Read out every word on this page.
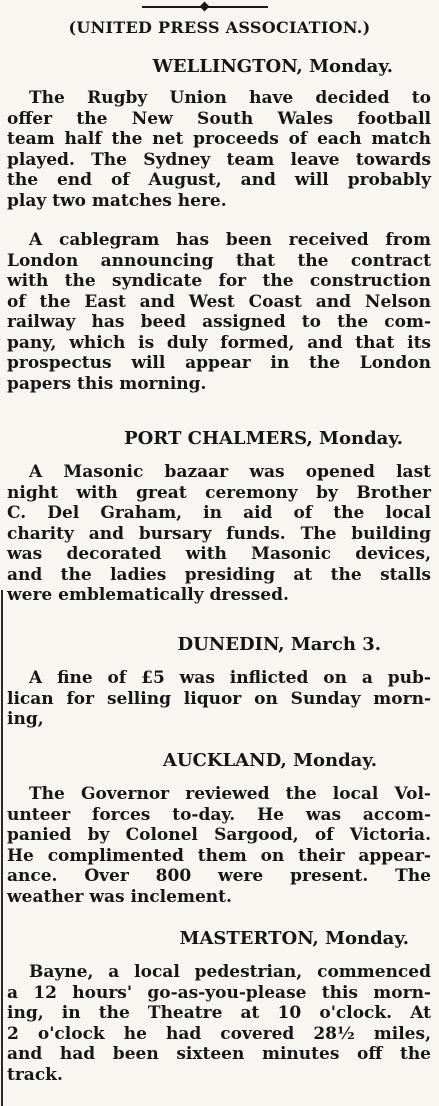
(UNITED PRESS ASSOCIATION.)
WELLINGTON, Monday.
The Rugby Union have decided to
offer the New South Wales football
team half the net proceeds of each match
played. The Sydney team leave towards
the end of August, and will probably
play two matches here.
A cablegram has been received from
London announcing that the contract
with the syndicate for the construction
of the East and West Coast and Nelson
railway has beed assigned to the com-
pany, which is duly formed, and that its
prospectus will appear in the London
papers this morning.
PORT CHALMERS, Monday.
A Masonic bazaar was opened last
night with great ceremony by Brother
C. Del Graham, in aid of the local
charity and bursary funds. The building
was decorated with Masonic devices,
and the ladies presiding at the stalls
were emblematically dressed.
DUNEDIN, March 3.
A fine of £5 was inflicted on a pub-
lican for selling liquor on Sunday morn-
ing,
AUCKLAND, Monday.
The Governor reviewed the local Vol-
unteer forces to-day. He was accom-
panied by Colonel Sargood, of Victoria.
He complimented them on their appear-
ance. Over 800 were present. The
weather was inclement.
MASTERTON, Monday.
Bayne, a local pedestrian, commenced
a 12 hours' go-as-you-please this morn-
ing, in the Theatre at 10 o'clock. At
2 o'clock he had covered 28½ miles,
and had been sixteen minutes off the
track.
